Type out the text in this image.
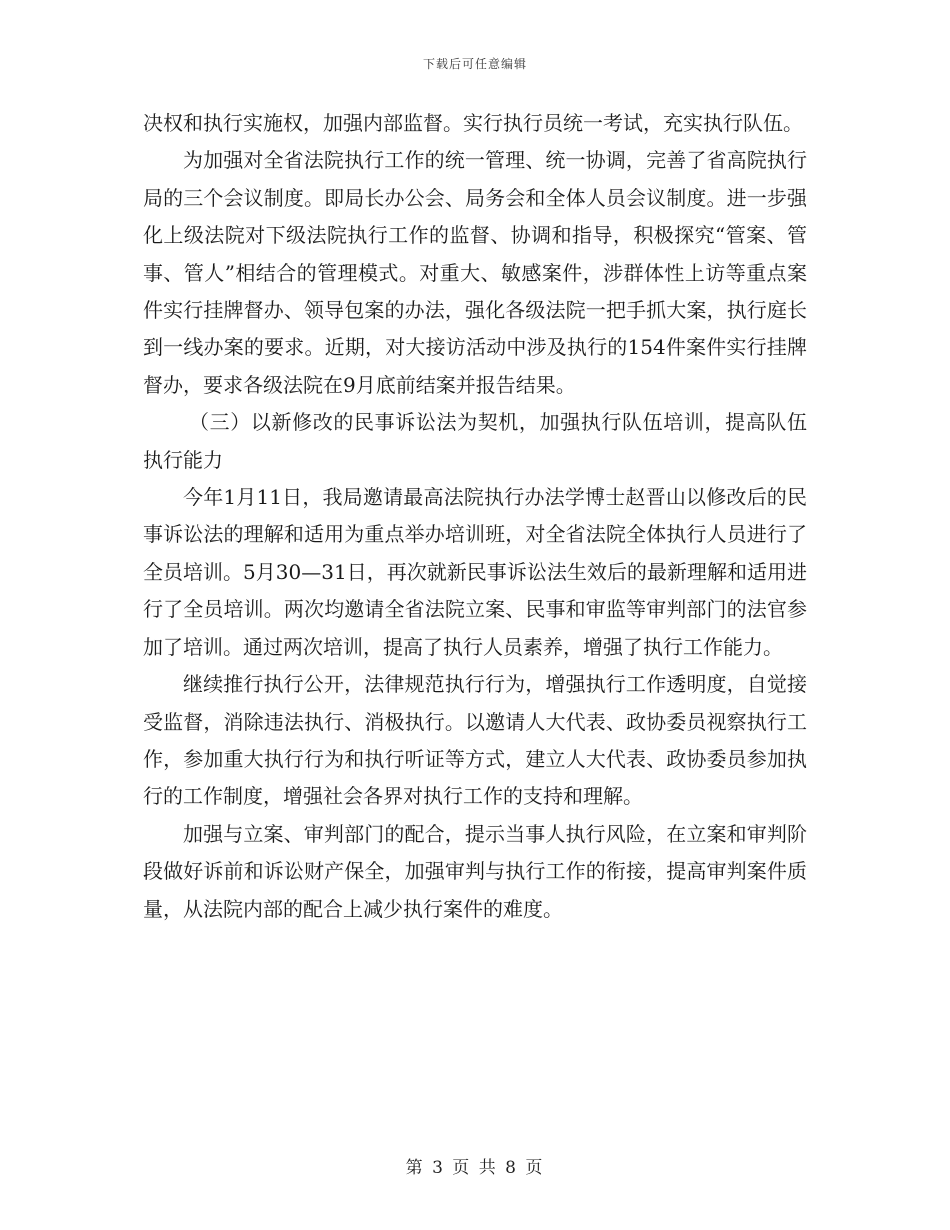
下载后可任意编辑

决权和执行实施权，加强内部监督。实行执行员统一考试，充实执行队伍。

为加强对全省法院执行工作的统一管理、统一协调，完善了省高院执行局的三个会议制度。即局长办公会、局务会和全体人员会议制度。进一步强化上级法院对下级法院执行工作的监督、协调和指导，积极探究“管案、管事、管人”相结合的管理模式。对重大、敏感案件，涉群体性上访等重点案件实行挂牌督办、领导包案的办法，强化各级法院一把手抓大案，执行庭长到一线办案的要求。近期，对大接访活动中涉及执行的154件案件实行挂牌督办，要求各级法院在9月底前结案并报告结果。

（三）以新修改的民事诉讼法为契机，加强执行队伍培训，提高队伍执行能力

今年1月11日，我局邀请最高法院执行办法学博士赵晋山以修改后的民事诉讼法的理解和适用为重点举办培训班，对全省法院全体执行人员进行了全员培训。5月30—31日，再次就新民事诉讼法生效后的最新理解和适用进行了全员培训。两次均邀请全省法院立案、民事和审监等审判部门的法官参加了培训。通过两次培训，提高了执行人员素养，增强了执行工作能力。

继续推行执行公开，法律规范执行行为，增强执行工作透明度，自觉接受监督，消除违法执行、消极执行。以邀请人大代表、政协委员视察执行工作，参加重大执行行为和执行听证等方式，建立人大代表、政协委员参加执行的工作制度，增强社会各界对执行工作的支持和理解。

加强与立案、审判部门的配合，提示当事人执行风险，在立案和审判阶段做好诉前和诉讼财产保全，加强审判与执行工作的衔接，提高审判案件质量，从法院内部的配合上减少执行案件的难度。

第 3 页 共 8 页
